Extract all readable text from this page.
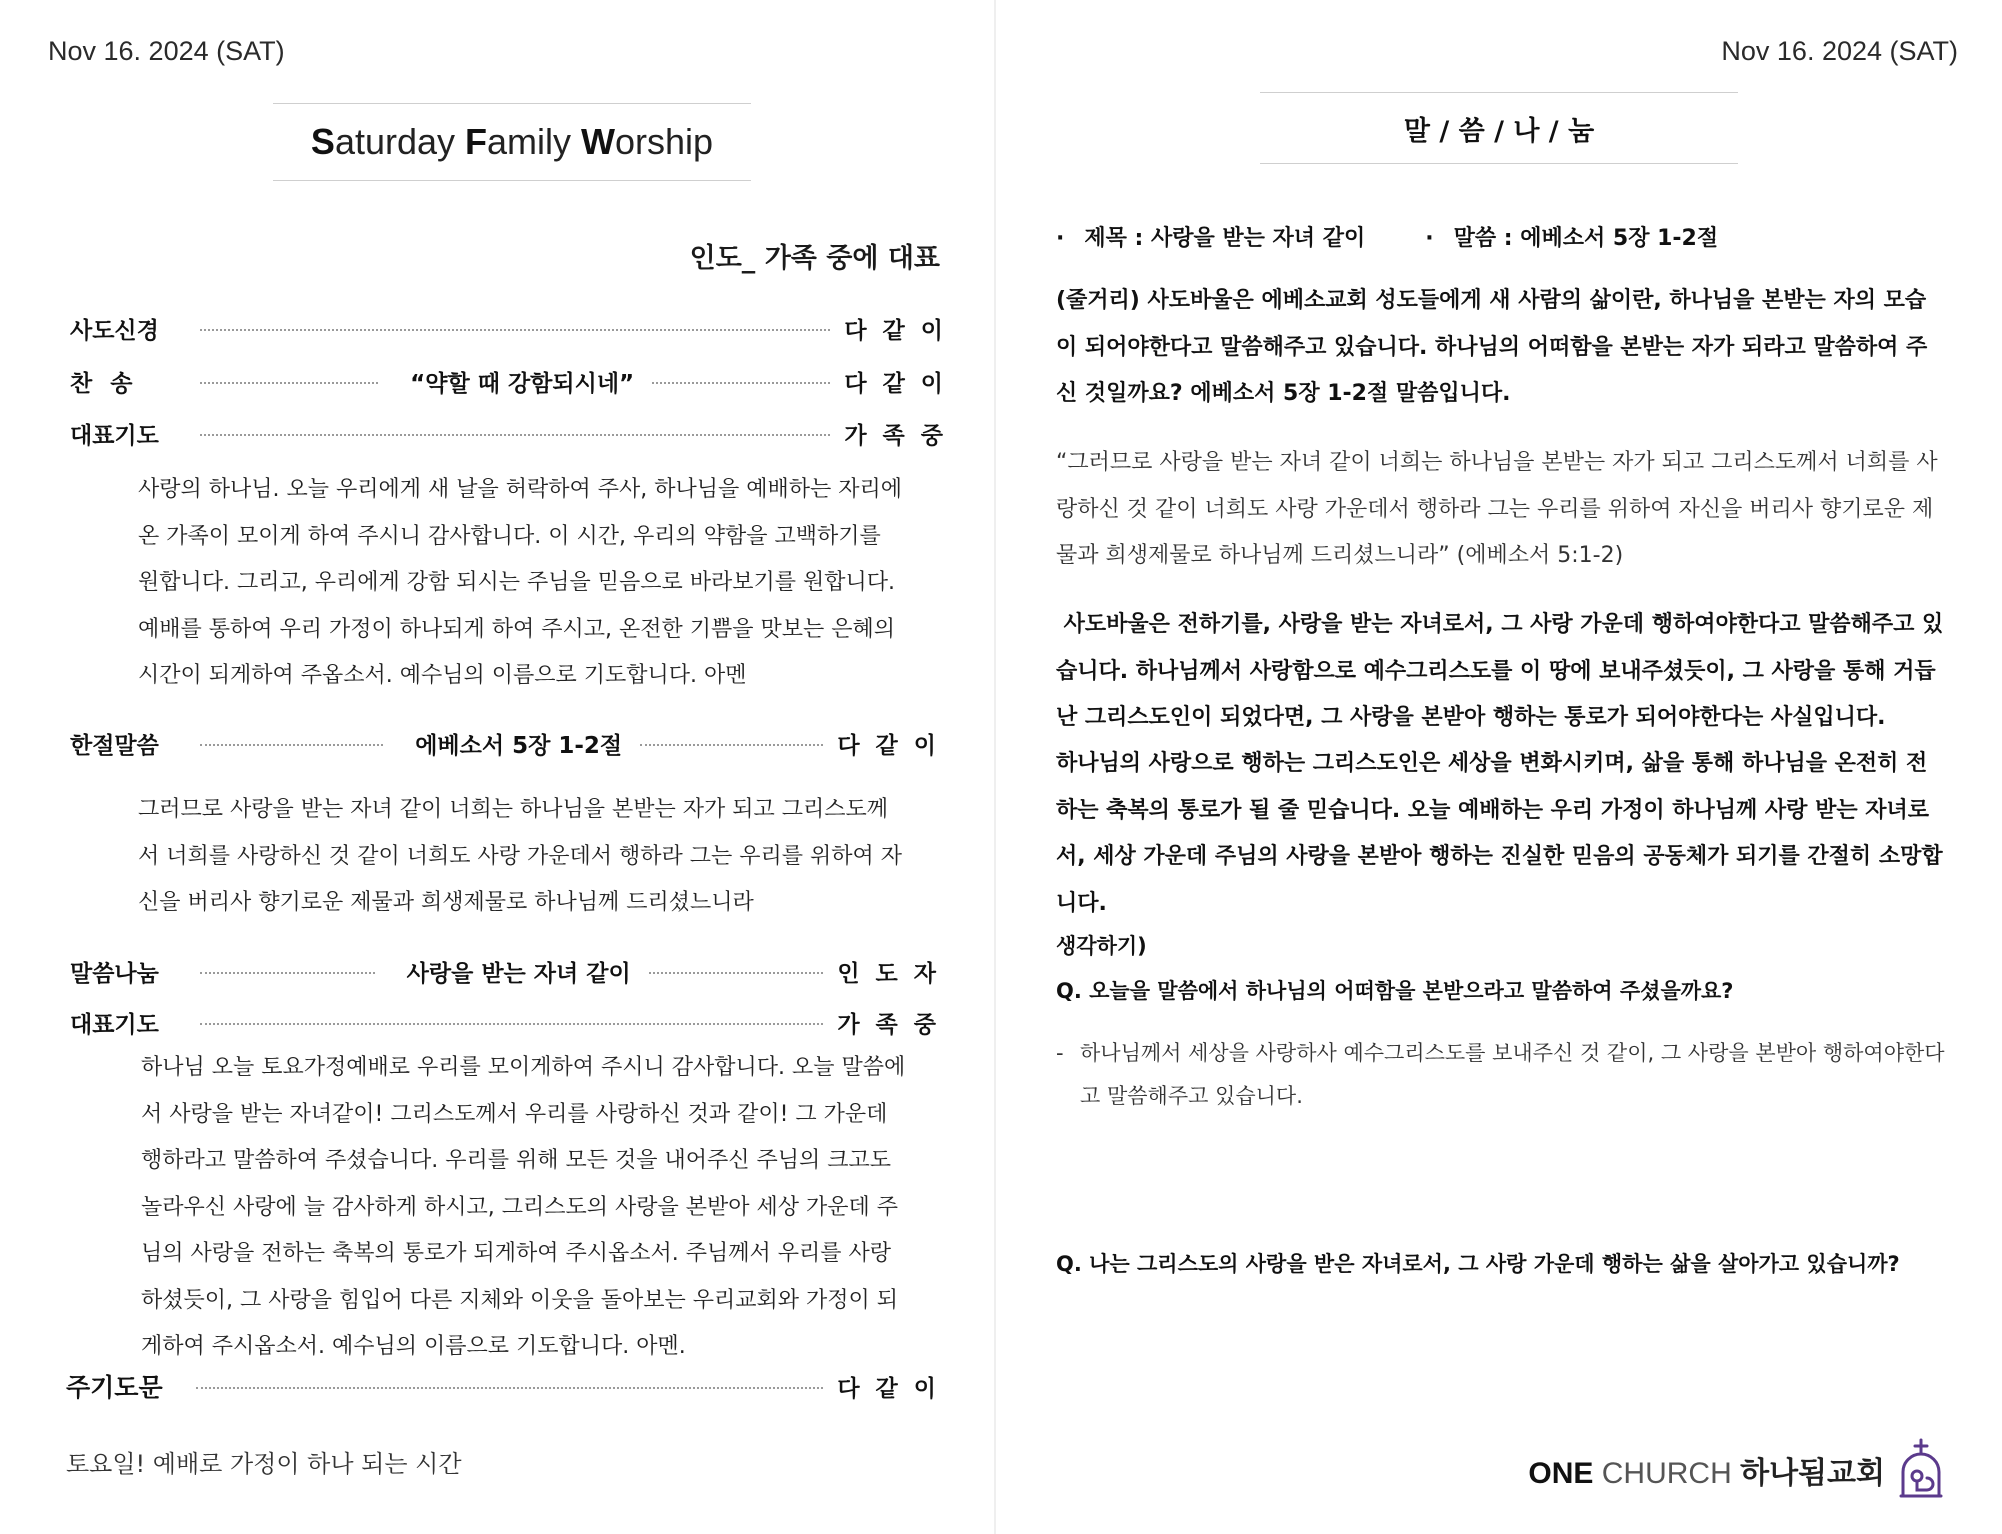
Nov 16. 2024 (SAT)
Saturday Family Worship
인도_ 가족 중에 대표
사도신경	다 같 이
찬송	“약할 때 강함되시네”	다 같 이
대표기도	가 족 중
사랑의 하나님. 오늘 우리에게 새 날을 허락하여 주사, 하나님을 예배하는 자리에 온 가족이 모이게 하여 주시니 감사합니다. 이 시간, 우리의 약함을 고백하기를 원합니다. 그리고, 우리에게 강함 되시는 주님을 믿음으로 바라보기를 원합니다. 예배를 통하여 우리 가정이 하나되게 하여 주시고, 온전한 기쁨을 맛보는 은혜의 시간이 되게하여 주옵소서. 예수님의 이름으로 기도합니다. 아멘
한절말씀	에베소서 5장 1-2절	다 같 이
그러므로 사랑을 받는 자녀 같이 너희는 하나님을 본받는 자가 되고 그리스도께서 너희를 사랑하신 것 같이 너희도 사랑 가운데서 행하라 그는 우리를 위하여 자신을 버리사 향기로운 제물과 희생제물로 하나님께 드리셨느니라
말씀나눔	사랑을 받는 자녀 같이	인 도 자
대표기도	가 족 중
하나님 오늘 토요가정예배로 우리를 모이게하여 주시니 감사합니다. 오늘 말씀에서 사랑을 받는 자녀같이! 그리스도께서 우리를 사랑하신 것과 같이! 그 가운데 행하라고 말씀하여 주셨습니다. 우리를 위해 모든 것을 내어주신 주님의 크고도 놀라우신 사랑에 늘 감사하게 하시고, 그리스도의 사랑을 본받아 세상 가운데 주님의 사랑을 전하는 축복의 통로가 되게하여 주시옵소서. 주님께서 우리를 사랑하셨듯이, 그 사랑을 힘입어 다른 지체와 이웃을 돌아보는 우리교회와 가정이 되게하여 주시옵소서. 예수님의 이름으로 기도합니다. 아멘.
주기도문	다 같 이
토요일! 예배로 가정이 하나 되는 시간
Nov 16. 2024 (SAT)
말 / 씀 / 나 / 눔
· 제목 : 사랑을 받는 자녀 같이
·	말씀 : 에베소서 5장 1-2절
(줄거리) 사도바울은 에베소교회 성도들에게 새 사람의 삶이란, 하나님을 본받는 자의 모습이 되어야한다고 말씀해주고 있습니다. 하나님의 어떠함을 본받는 자가 되라고 말씀하여 주신 것일까요? 에베소서 5장 1-2절 말씀입니다.
“그러므로 사랑을 받는 자녀 같이 너희는 하나님을 본받는 자가 되고 그리스도께서 너희를 사랑하신 것 같이 너희도 사랑 가운데서 행하라 그는 우리를 위하여 자신을 버리사 향기로운 제물과 희생제물로 하나님께 드리셨느니라” (에베소서 5:1-2)
사도바울은 전하기를, 사랑을 받는 자녀로서, 그 사랑 가운데 행하여야한다고 말씀해주고 있습니다. 하나님께서 사랑함으로 예수그리스도를 이 땅에 보내주셨듯이, 그 사랑을 통해 거듭난 그리스도인이 되었다면, 그 사랑을 본받아 행하는 통로가 되어야한다는 사실입니다.
하나님의 사랑으로 행하는 그리스도인은 세상을 변화시키며, 삶을 통해 하나님을 온전히 전하는 축복의 통로가 될 줄 믿습니다. 오늘 예배하는 우리 가정이 하나님께 사랑 받는 자녀로서, 세상 가운데 주님의 사랑을 본받아 행하는 진실한 믿음의 공동체가 되기를 간절히 소망합니다.
생각하기)
Q. 오늘을 말씀에서 하나님의 어떠함을 본받으라고 말씀하여 주셨을까요?
- 하나님께서 세상을 사랑하사 예수그리스도를 보내주신 것 같이, 그 사랑을 본받아 행하여야한다고 말씀해주고 있습니다.
Q. 나는 그리스도의 사랑을 받은 자녀로서, 그 사랑 가운데 행하는 삶을 살아가고 있습니까?
ONE CHURCH 하나됨교회
